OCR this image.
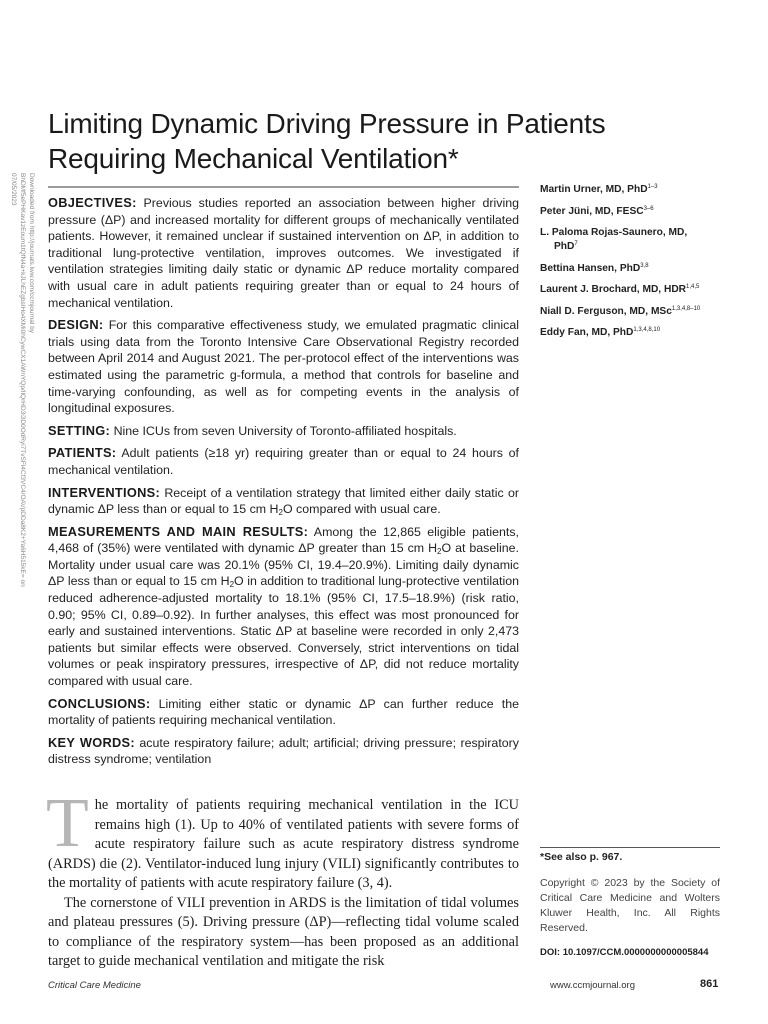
Limiting Dynamic Driving Pressure in Patients Requiring Mechanical Ventilation*
Downloaded from http://journals.lww.com/ccmjournal by BhDMf5ePHKav1zEoum1tQfN4a+kJLhEZgbsIHo4XMi0hCywCX1AWnYQp/IlQrHD3i3D0OdRyi7TvSFl4Cf3VC4/OAVpDDa8K2+Ya6H515kE= on 07/05/2023	OBJECTIVES: Previous studies reported an association between higher driving pressure (ΔP) and increased mortality for different groups of mechanically ventilated patients. However, it remained unclear if sustained intervention on ΔP, in addition to traditional lung-protective ventilation, improves outcomes. We investigated if ventilation strategies limiting daily static or dynamic ΔP reduce mortality compared with usual care in adult patients requiring greater than or equal to 24 hours of mechanical ventilation.

DESIGN: For this comparative effectiveness study, we emulated pragmatic clinical trials using data from the Toronto Intensive Care Observational Registry recorded between April 2014 and August 2021. The per-protocol effect of the interventions was estimated using the parametric g-formula, a method that controls for baseline and time-varying confounding, as well as for competing events in the analysis of longitudinal exposures.

SETTING: Nine ICUs from seven University of Toronto-affiliated hospitals.

PATIENTS: Adult patients (≥18 yr) requiring greater than or equal to 24 hours of mechanical ventilation.

INTERVENTIONS: Receipt of a ventilation strategy that limited either daily static or dynamic ΔP less than or equal to 15 cm $H_2O$ compared with usual care.

MEASUREMENTS AND MAIN RESULTS: Among the 12,865 eligible patients, 4,468 of (35%) were ventilated with dynamic ΔP greater than 15 cm $H_2O$ at baseline. Mortality under usual care was 20.1% (95% CI, 19.4–20.9%). Limiting daily dynamic ΔP less than or equal to 15 cm $H_2O$ in addition to traditional lung-protective ventilation reduced adherence-adjusted mortality to 18.1% (95% CI, 17.5–18.9%) (risk ratio, 0.90; 95% CI, 0.89–0.92). In further analyses, this effect was most pronounced for early and sustained interventions. Static ΔP at baseline were recorded in only 2,473 patients but similar effects were observed. Conversely, strict interventions on tidal volumes or peak inspiratory pressures, irrespective of ΔP, did not reduce mortality compared with usual care.

CONCLUSIONS: Limiting either static or dynamic ΔP can further reduce the mortality of patients requiring mechanical ventilation.

KEY WORDS: acute respiratory failure; adult; artificial; driving pressure; respiratory distress syndrome; ventilation

Martin Urner, MD, PhD$^{1-3}$
Peter Jüni, MD, FESC$^{3-6}$
L. Paloma Rojas-Saunero, MD,
PhD$^7$
Bettina Hansen, PhD$^{3,8}$
Laurent J. Brochard, MD, HDR$^{1,4,5}$
Niall D. Ferguson, MD, MSc$^{1,3,4,8-10}$
Eddy Fan, MD, PhD$^{1,3,4,8,10}$

The mortality of patients requiring mechanical ventilation in the ICU remains high (1). Up to 40% of ventilated patients with severe forms of acute respiratory failure such as acute respiratory distress syndrome (ARDS) die (2). Ventilator-induced lung injury (VILI) significantly contributes to the mortality of patients with acute respiratory failure (3, 4).

The cornerstone of VILI prevention in ARDS is the limitation of tidal volumes and plateau pressures (5). Driving pressure (ΔP)—reflecting tidal volume scaled to compliance of the respiratory system—has been proposed as an additional target to guide mechanical ventilation and mitigate the risk

*See also p. 967.
Copyright © 2023 by the Society of Critical Care Medicine and Wolters Kluwer Health, Inc. All Rights Reserved.
DOI: 10.1097/CCM.0000000000005844
Critical Care Medicine	www.ccmjournal.org	861
